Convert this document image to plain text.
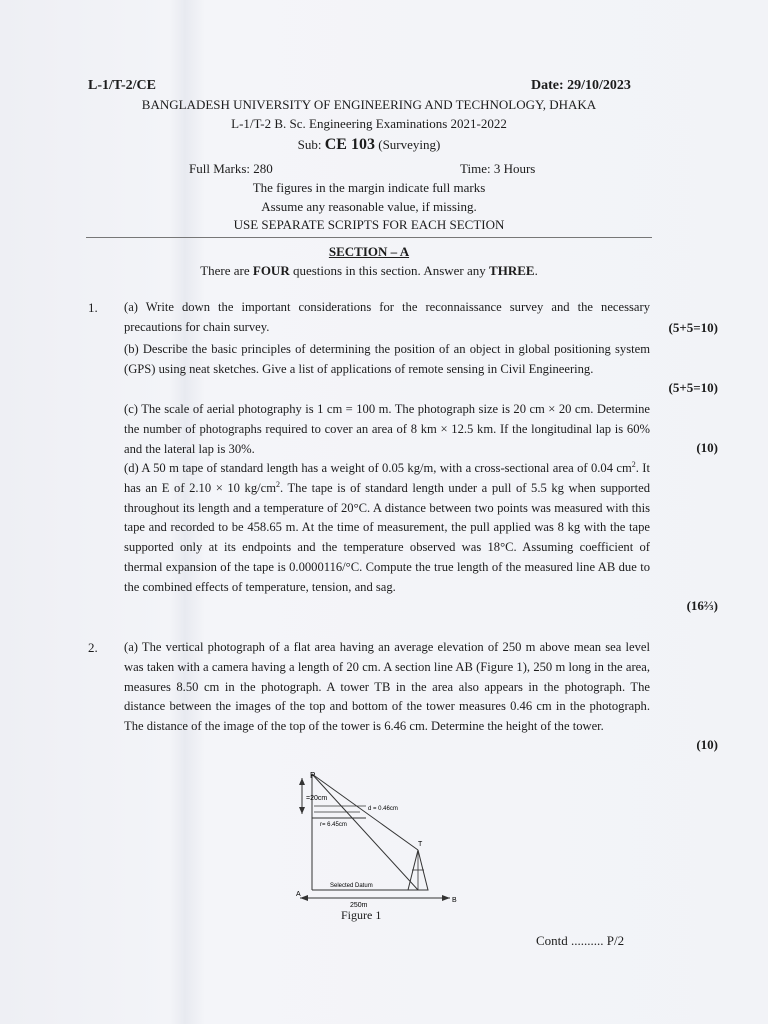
L-1/T-2/CE	Date: 29/10/2023
BANGLADESH UNIVERSITY OF ENGINEERING AND TECHNOLOGY, DHAKA
L-1/T-2 B. Sc. Engineering Examinations 2021-2022
Sub: CE 103 (Surveying)
Full Marks: 280	Time: 3 Hours
The figures in the margin indicate full marks
Assume any reasonable value, if missing.
USE SEPARATE SCRIPTS FOR EACH SECTION
SECTION – A
There are FOUR questions in this section. Answer any THREE.
1. (a) Write down the important considerations for the reconnaissance survey and the necessary precautions for chain survey.	(5+5=10)
(b) Describe the basic principles of determining the position of an object in global positioning system (GPS) using neat sketches. Give a list of applications of remote sensing in Civil Engineering.
(5+5=10)
(c) The scale of aerial photography is 1 cm = 100 m. The photograph size is 20 cm × 20 cm. Determine the number of photographs required to cover an area of 8 km × 12.5 km. If the longitudinal lap is 60% and the lateral lap is 30%.	(10)
(d) A 50 m tape of standard length has a weight of 0.05 kg/m, with a cross-sectional area of 0.04 $cm^2$. It has an E of 2.10 × 10 $kg/cm^2$. The tape is of standard length under a pull of 5.5 kg when supported throughout its length and a temperature of 20°C. A distance between two points was measured with this tape and recorded to be 458.65 m. At the time of measurement, the pull applied was 8 kg with the tape supported only at its endpoints and the temperature observed was 18°C. Assuming coefficient of thermal expansion of the tape is 0.0000116/°C. Compute the true length of the measured line AB due to the combined effects of temperature, tension, and sag.
(16⅔)
2. (a) The vertical photograph of a flat area having an average elevation of 250 m above mean sea level was taken with a camera having a length of 20 cm. A section line AB (Figure 1), 250 m long in the area, measures 8.50 cm in the photograph. A tower TB in the area also appears in the photograph. The distance between the images of the top and bottom of the tower measures 0.46 cm in the photograph. The distance of the image of the top of the tower is 6.46 cm. Determine the height of the tower.
(10)
P
=20cm
d = 0.46cm
r= 6.45cm
T
Selected Datum
A
B
250m
Figure 1
Contd .......... P/2
